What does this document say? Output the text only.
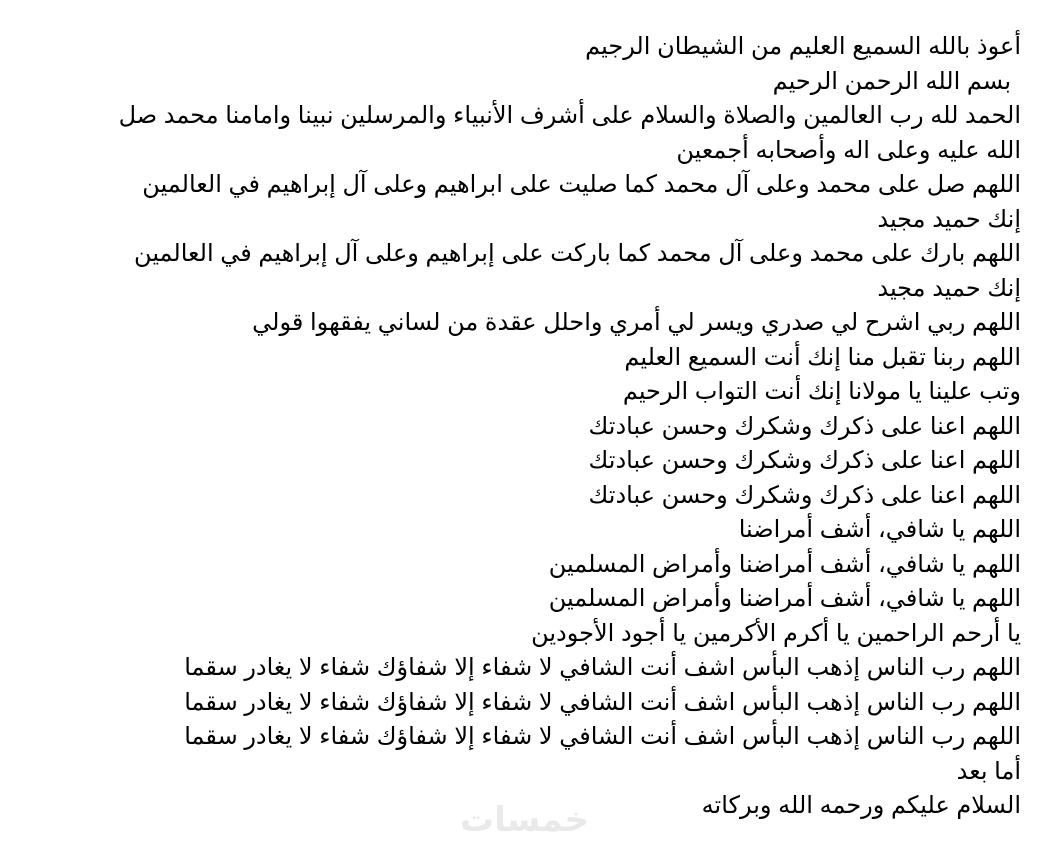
أعوذ بالله السميع العليم من الشيطان الرجيم
بسم الله الرحمن الرحيم
الحمد لله رب العالمين والصلاة والسلام على أشرف الأنبياء والمرسلين نبينا وامامنا محمد صل
الله عليه وعلى اله وأصحابه أجمعين
اللهم صل على محمد وعلى آل محمد كما صليت على ابراهيم وعلى آل إبراهيم في العالمين
إنك حميد مجيد
اللهم بارك على محمد وعلى آل محمد كما باركت على إبراهيم وعلى آل إبراهيم في العالمين
إنك حميد مجيد
اللهم ربي اشرح لي صدري ويسر لي أمري واحلل عقدة من لساني يفقهوا قولي
اللهم ربنا تقبل منا إنك أنت السميع العليم
وتب علينا يا مولانا إنك أنت التواب الرحيم
اللهم اعنا على ذكرك وشكرك وحسن عبادتك
اللهم اعنا على ذكرك وشكرك وحسن عبادتك
اللهم اعنا على ذكرك وشكرك وحسن عبادتك
اللهم يا شافي، أشف أمراضنا
اللهم يا شافي، أشف أمراضنا وأمراض المسلمين
اللهم يا شافي، أشف أمراضنا وأمراض المسلمين
يا أرحم الراحمين يا أكرم الأكرمين يا أجود الأجودين
اللهم رب الناس إذهب البأس اشف أنت الشافي لا شفاء إلا شفاؤك شفاء لا يغادر سقما
اللهم رب الناس إذهب البأس اشف أنت الشافي لا شفاء إلا شفاؤك شفاء لا يغادر سقما
اللهم رب الناس إذهب البأس اشف أنت الشافي لا شفاء إلا شفاؤك شفاء لا يغادر سقما
أما بعد
السلام عليكم ورحمه الله وبركاته
خمسات
